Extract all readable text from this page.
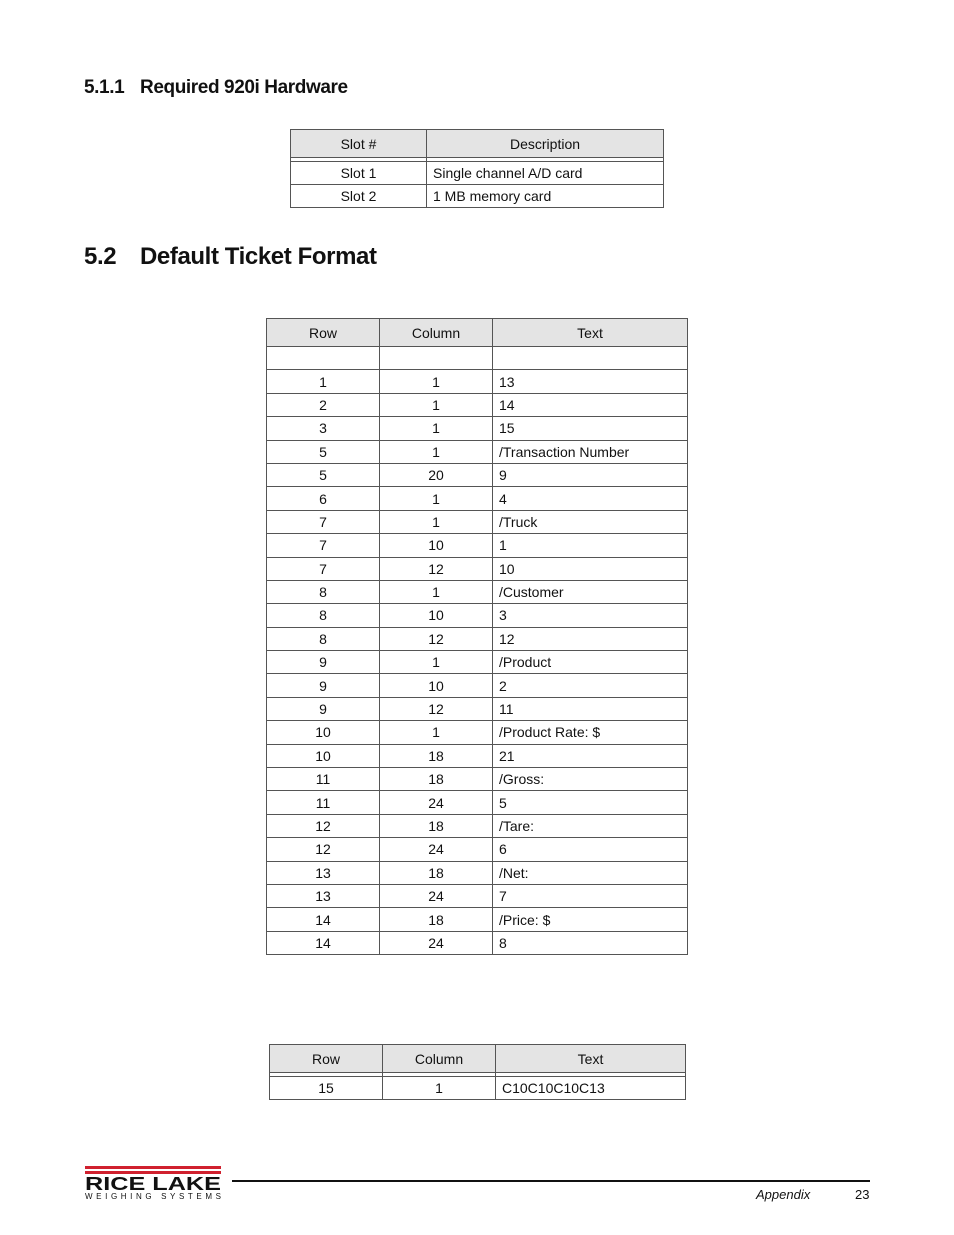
5.1.1 Required 920i Hardware
Slot #	Description

Slot 1	Single channel A/D card
Slot 2	1 MB memory card
5.2 Default Ticket Format
Row	Column	Text

1	1	13
2	1	14
3	1	15
5	1	/Transaction Number
5	20	9
6	1	4
7	1	/Truck
7	10	1
7	12	10
8	1	/Customer
8	10	3
8	12	12
9	1	/Product
9	10	2
9	12	11
10	1	/Product Rate: $
10	18	21
11	18	/Gross:
11	24	5
12	18	/Tare:
12	24	6
13	18	/Net:
13	24	7
14	18	/Price: $
14	24	8
Row	Column	Text

15	1	C10C10C10C13
RICE LAKE
WEIGHING SYSTEMS	Appendix	23
